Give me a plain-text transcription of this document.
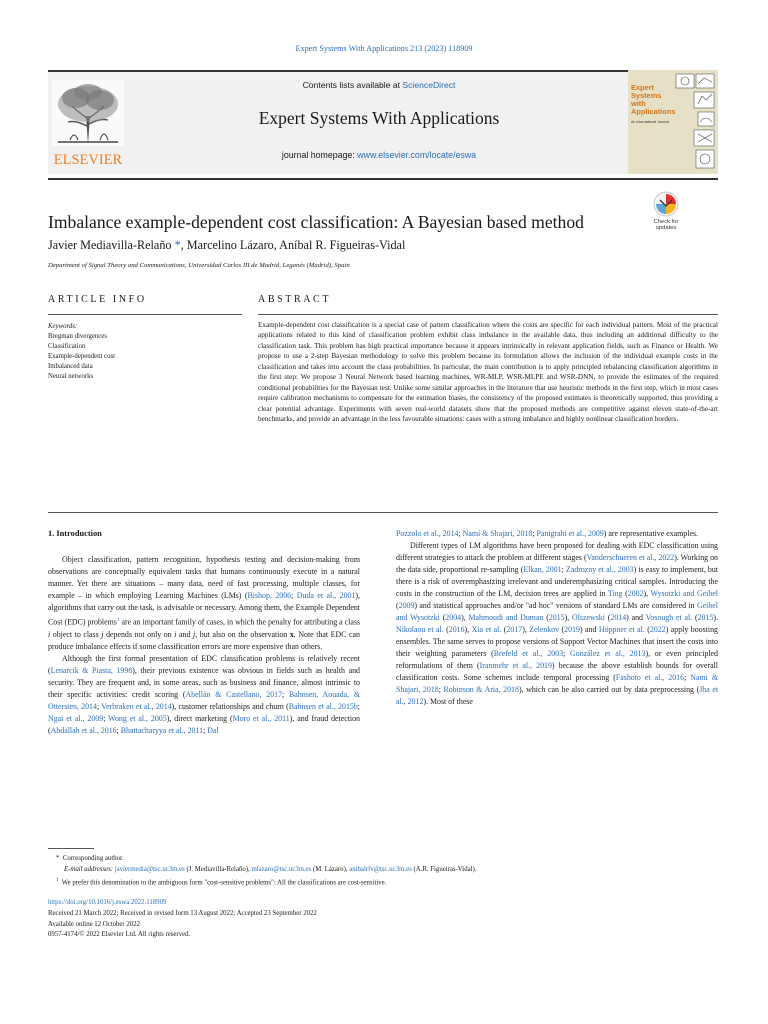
Expert Systems With Applications 213 (2023) 118909
ELSEVIER
Contents lists available at ScienceDirect
Expert Systems With Applications
journal homepage: www.elsevier.com/locate/eswa
Expert Systems with Applications
An International Journal
Imbalance example-dependent cost classification: A Bayesian based method	Check for updates
Javier Mediavilla-Relaño *, Marcelino Lázaro, Aníbal R. Figueiras-Vidal
Department of Signal Theory and Communications, Universidad Carlos III de Madrid, Leganés (Madrid), Spain
ARTICLE INFO	ABSTRACT
Keywords:
Bregman divergences
Classification
Example-dependent cost
Imbalanced data
Neural networks
Example-dependent cost classification is a special case of pattern classification where the costs are specific for each individual pattern. Most of the practical applications related to this kind of classification problem exhibit class imbalance in the available data, thus including an additional difficulty to the classification task. This problem has high practical importance because it appears intrinsically in relevant application fields, such as Finance or Health. We propose to use a 2-step Bayesian methodology to solve this problem because its formulation allows the inclusion of the individual example costs in the classification and takes into account the class probabilities. In particular, the main contribution is to apply principled rebalancing classification algorithms in the first step: We propose 3 Neural Network based learning machines, WR-MLP, WSR-MLPE and WSR-DNN, to provide the estimates of the required conditional probabilities for the Bayesian test. Unlike some similar approaches in the literature that use heuristic methods in the first step, which in most cases require calibration mechanisms to compensate for the estimation biases, the consistency of the proposed estimates is theoretically supported, thus providing a clear potential advantage. Experiments with seven real-world datasets show that the proposed methods are competitive against eleven state-of-the-art benchmarks, and provide an advantage in the less favourable situations: cases with a strong imbalance and highly nonlinear classification borders.
1. Introduction

Object classification, pattern recognition, hypothesis testing and decision-making from observations are conceptually equivalent tasks that humans continuously execute in a natural manner. Yet there are situations – many data, need of fast processing, multiple classes, for example – in which employing Learning Machines (LMs) (Bishop, 2006; Duda et al., 2001), algorithms that carry out the task, is advisable or necessary. Among them, the Example Dependent Cost (EDC) problems$^1$ are an important family of cases, in which the penalty for attributing a class i object to class j depends not only on i and j, but also on the observation x. Note that EDC can produce imbalance effects if some classification errors are more expensive than others.

Although the first formal presentation of EDC classification problems is relatively recent (Lenarcik & Piasta, 1998), their previous existence was obvious in fields such as health and security. They are frequent and, in some areas, such as business and finance, almost intrinsic to their specific activities: credit scoring (Abellán & Castellano, 2017; Bahnsen, Aouada, & Ottersten, 2014; Verbraken et al., 2014), customer relationships and churn (Bahnsen et al., 2015b; Ngai et al., 2009; Wong et al., 2005), direct marketing (Moro et al., 2011), and fraud detection (Abdallah et al., 2016; Bhattacharyya et al., 2011; Dal

Pozzolo et al., 2014; Namí & Shajari, 2018; Panigrahi et al., 2009) are representative examples.

Different types of LM algorithms have been proposed for dealing with EDC classification using different strategies to attack the problem at different stages (Vanderschueren et al., 2022). Working on the data side, proportional re-sampling (Elkan, 2001; Zadrozny et al., 2003) is easy to implement, but there is a risk of overemphasizing irrelevant and underemphasizing critical samples. Introducing the costs in the construction of the LM, decision trees are applied in Ting (2002), Wysotzki and Geibel (2009) and statistical approaches and/or "ad hoc" versions of standard LMs are considered in Geibel and Wysotzki (2004), Mahmoudi and Duman (2015), Olszewski (2014) and Vosough et al. (2015). Nikolaou et al. (2016), Xia et al. (2017), Zelenkov (2019) and Höppner et al. (2022) apply boosting ensembles. The same serves to propose versions of Support Vector Machines that insert the costs into their weighting parameters (Brefeld et al., 2003; González et al., 2013), or even principled reformulations of them (Iranmehr et al., 2019) because the above establish bounds for overall classification costs. Some schemes include temporal processing (Fashoto et al., 2016; Nami & Shajari, 2018; Robinson & Aria, 2018), which can be also carried out by data preprocessing (Jha et al., 2012). Most of these

* Corresponding author.
E-mail addresses: javiermedia@tsc.uc3m.es (J. Mediavilla-Relaño), mlazaro@tsc.uc3m.es (M. Lázaro), anibalrfv@tsc.uc3m.es (A.R. Figueiras-Vidal).
$^1$ We prefer this denomination to the ambiguous form "cost-sensitive problems": All the classifications are cost-sensitive.
https://doi.org/10.1016/j.eswa.2022.118909
Received 21 March 2022; Received in revised form 13 August 2022; Accepted 23 September 2022
Available online 12 October 2022
0957-4174/© 2022 Elsevier Ltd. All rights reserved.
